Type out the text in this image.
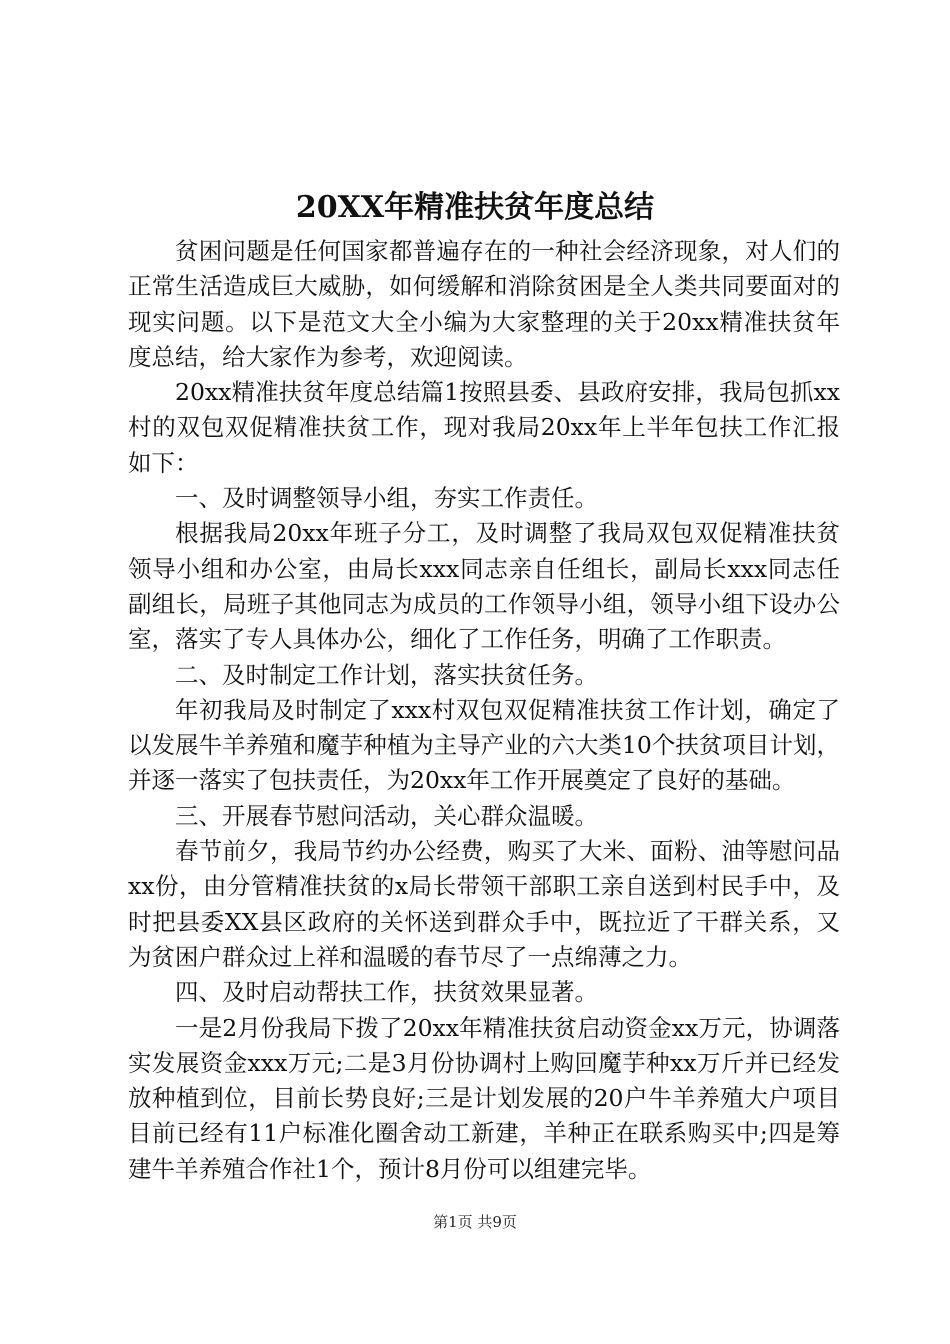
20XX年精准扶贫年度总结

贫困问题是任何国家都普遍存在的一种社会经济现象，对人们的正常生活造成巨大威胁，如何缓解和消除贫困是全人类共同要面对的现实问题。以下是范文大全小编为大家整理的关于20xx精准扶贫年度总结，给大家作为参考，欢迎阅读。

20xx精准扶贫年度总结篇1按照县委、县政府安排，我局包抓xx村的双包双促精准扶贫工作，现对我局20xx年上半年包扶工作汇报如下：

一、及时调整领导小组，夯实工作责任。

根据我局20xx年班子分工，及时调整了我局双包双促精准扶贫领导小组和办公室，由局长xxx同志亲自任组长，副局长xxx同志任副组长，局班子其他同志为成员的工作领导小组，领导小组下设办公室，落实了专人具体办公，细化了工作任务，明确了工作职责。

二、及时制定工作计划，落实扶贫任务。

年初我局及时制定了xxx村双包双促精准扶贫工作计划，确定了以发展牛羊养殖和魔芋种植为主导产业的六大类10个扶贫项目计划，并逐一落实了包扶责任，为20xx年工作开展奠定了良好的基础。

三、开展春节慰问活动，关心群众温暖。

春节前夕，我局节约办公经费，购买了大米、面粉、油等慰问品xx份，由分管精准扶贫的x局长带领干部职工亲自送到村民手中，及时把县委XX县区政府的关怀送到群众手中，既拉近了干群关系，又为贫困户群众过上祥和温暖的春节尽了一点绵薄之力。

四、及时启动帮扶工作，扶贫效果显著。

一是2月份我局下拨了20xx年精准扶贫启动资金xx万元，协调落实发展资金xxx万元;二是3月份协调村上购回魔芋种xx万斤并已经发放种植到位，目前长势良好;三是计划发展的20户牛羊养殖大户项目目前已经有11户标准化圈舍动工新建，羊种正在联系购买中;四是筹建牛羊养殖合作社1个，预计8月份可以组建完毕。

第1页 共9页
